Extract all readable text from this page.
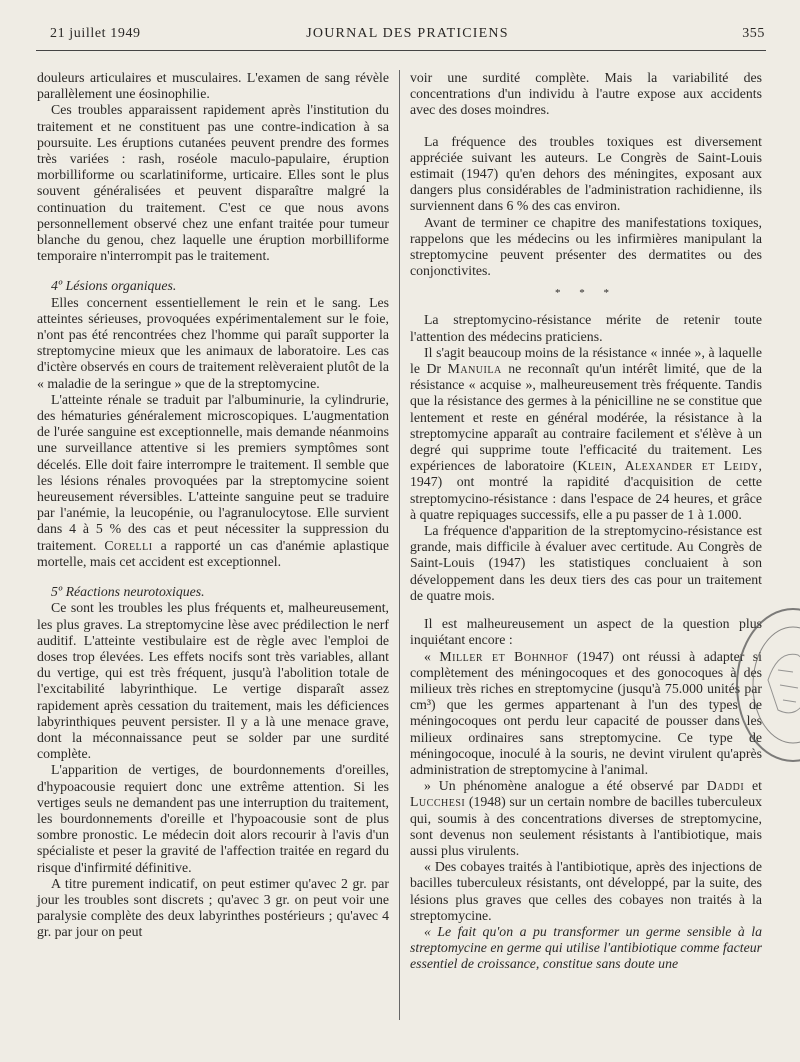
21 juillet 1949	JOURNAL DES PRATICIENS	355

douleurs articulaires et musculaires. L'examen de sang révèle parallèlement une éosinophilie.

Ces troubles apparaissent rapidement après l'institution du traitement et ne constituent pas une contre-indication à sa poursuite. Les éruptions cutanées peuvent prendre des formes très variées : rash, roséole maculo-papulaire, éruption morbilliforme ou scarlatiniforme, urticaire. Elles sont le plus souvent généralisées et peuvent disparaître malgré la continuation du traitement. C'est ce que nous avons personnellement observé chez une enfant traitée pour tumeur blanche du genou, chez laquelle une éruption morbilliforme temporaire n'interrompit pas le traitement.

4º Lésions organiques.

Elles concernent essentiellement le rein et le sang. Les atteintes sérieuses, provoquées expérimentalement sur le foie, n'ont pas été rencontrées chez l'homme qui paraît supporter la streptomycine mieux que les animaux de laboratoire. Les cas d'ictère observés en cours de traitement relèveraient plutôt de la « maladie de la seringue » que de la streptomycine.

L'atteinte rénale se traduit par l'albuminurie, la cylindrurie, des hématuries généralement microscopiques. L'augmentation de l'urée sanguine est exceptionnelle, mais demande néanmoins une surveillance attentive si les premiers symptômes sont décelés. Elle doit faire interrompre le traitement. Il semble que les lésions rénales provoquées par la streptomycine soient heureusement réversibles. L'atteinte sanguine peut se traduire par l'anémie, la leucopénie, ou l'agranulocytose. Elle survient dans 4 à 5 % des cas et peut nécessiter la suppression du traitement. Corelli a rapporté un cas d'anémie aplastique mortelle, mais cet accident est exceptionnel.

5º Réactions neurotoxiques.

Ce sont les troubles les plus fréquents et, malheureusement, les plus graves. La streptomycine lèse avec prédilection le nerf auditif. L'atteinte vestibulaire est de règle avec l'emploi de doses trop élevées. Les effets nocifs sont très variables, allant du vertige, qui est très fréquent, jusqu'à l'abolition totale de l'excitabilité labyrinthique. Le vertige disparaît assez rapidement après cessation du traitement, mais les déficiences labyrinthiques peuvent persister. Il y a là une menace grave, dont la méconnaissance peut se solder par une surdité complète.

L'apparition de vertiges, de bourdonnements d'oreilles, d'hypoacousie requiert donc une extrême attention. Si les vertiges seuls ne demandent pas une interruption du traitement, les bourdonnements d'oreille et l'hypoacousie sont de plus sombre pronostic. Le médecin doit alors recourir à l'avis d'un spécialiste et peser la gravité de l'affection traitée en regard du risque d'infirmité définitive.

A titre purement indicatif, on peut estimer qu'avec 2 gr. par jour les troubles sont discrets ; qu'avec 3 gr. on peut voir une paralysie complète des deux labyrinthes postérieurs ; qu'avec 4 gr. par jour on peut

voir une surdité complète. Mais la variabilité des concentrations d'un individu à l'autre expose aux accidents avec des doses moindres.

La fréquence des troubles toxiques est diversement appréciée suivant les auteurs. Le Congrès de Saint-Louis estimait (1947) qu'en dehors des méningites, exposant aux dangers plus considérables de l'administration rachidienne, ils surviennent dans 6 % des cas environ.

Avant de terminer ce chapitre des manifestations toxiques, rappelons que les médecins ou les infirmières manipulant la streptomycine peuvent présenter des dermatites ou des conjonctivites.

* * *

La streptomycino-résistance mérite de retenir toute l'attention des médecins praticiens.

Il s'agit beaucoup moins de la résistance « innée », à laquelle le Dr Manuila ne reconnaît qu'un intérêt limité, que de la résistance « acquise », malheureusement très fréquente. Tandis que la résistance des germes à la pénicilline ne se constitue que lentement et reste en général modérée, la résistance à la streptomycine apparaît au contraire facilement et s'élève à un degré qui supprime toute l'efficacité du traitement. Les expériences de laboratoire (Klein, Alexander et Leidy, 1947) ont montré la rapidité d'acquisition de cette streptomycino-résistance : dans l'espace de 24 heures, et grâce à quatre repiquages successifs, elle a pu passer de 1 à 1.000.

La fréquence d'apparition de la streptomycino-résistance est grande, mais difficile à évaluer avec certitude. Au Congrès de Saint-Louis (1947) les statistiques concluaient à son développement dans les deux tiers des cas pour un traitement de quatre mois.

Il est malheureusement un aspect de la question plus inquiétant encore :

« Miller et Bohnhof (1947) ont réussi à adapter si complètement des méningocoques et des gonocoques à des milieux très riches en streptomycine (jusqu'à 75.000 unités par cm³) que les germes appartenant à l'un des types de méningocoques ont perdu leur capacité de pousser dans les milieux ordinaires sans streptomycine. Ce type de méningocoque, inoculé à la souris, ne devint virulent qu'après administration de streptomycine à l'animal.

» Un phénomène analogue a été observé par Daddi et Lucchesi (1948) sur un certain nombre de bacilles tuberculeux qui, soumis à des concentrations diverses de streptomycine, sont devenus non seulement résistants à l'antibiotique, mais aussi plus virulents.

« Des cobayes traités à l'antibiotique, après des injections de bacilles tuberculeux résistants, ont développé, par la suite, des lésions plus graves que celles des cobayes non traités à la streptomycine.

« Le fait qu'on a pu transformer un germe sensible à la streptomycine en germe qui utilise l'antibiotique comme facteur essentiel de croissance, constitue sans doute une
